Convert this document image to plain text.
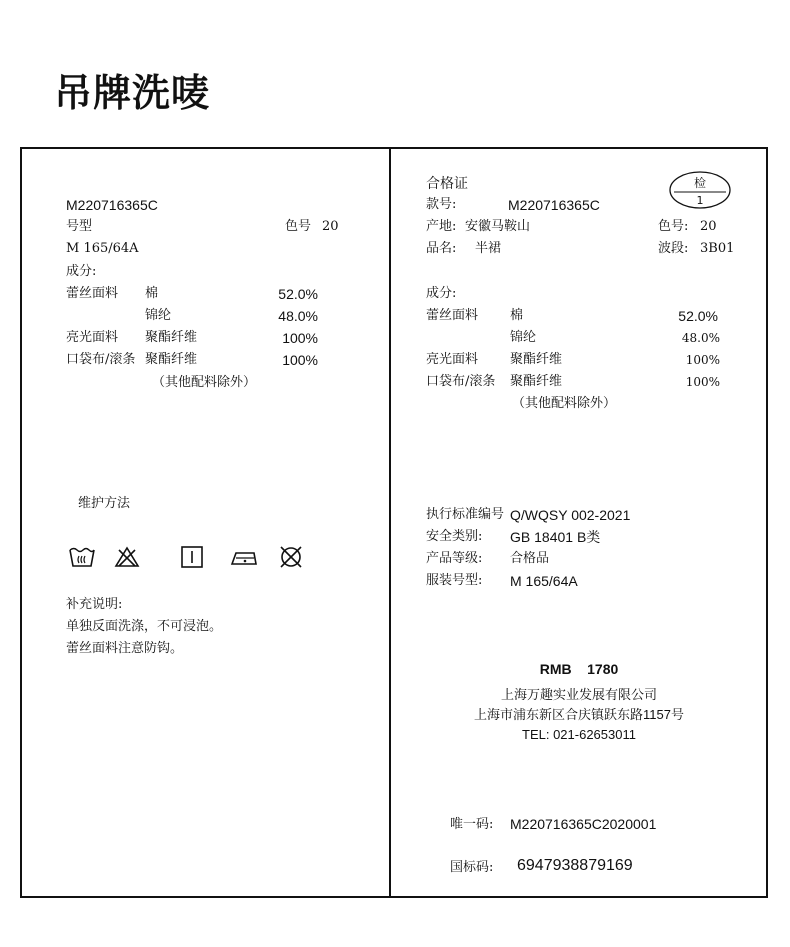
吊牌洗唛
M220716365C
号型	色号 20
M 165/64A
成分:
蕾丝面料 棉	52.0%
锦纶	48.0%
亮光面料 聚酯纤维	100%
口袋布/滚条 聚酯纤维	100%
（其他配料除外）
维护方法
补充说明:
单独反面洗涤，不可浸泡。
蕾丝面料注意防钩。
合格证	检
1
款号:	M220716365C
产地: 安徽马鞍山	色号: 20
品名: 半裙	波段: 3B01
成分:
蕾丝面料 棉	52.0%
锦纶	48.0%
亮光面料 聚酯纤维	100%
口袋布/滚条 聚酯纤维	100%
（其他配料除外）
执行标准编号 Q/WQSY 002-2021
安全类别: GB 18401 B类
产品等级: 合格品
服装号型: M 165/64A
RMB    1780
上海万趣实业发展有限公司
上海市浦东新区合庆镇跃东路1157号
TEL: 021-62653011
唯一码: M220716365C2020001
国标码: 6947938879169
